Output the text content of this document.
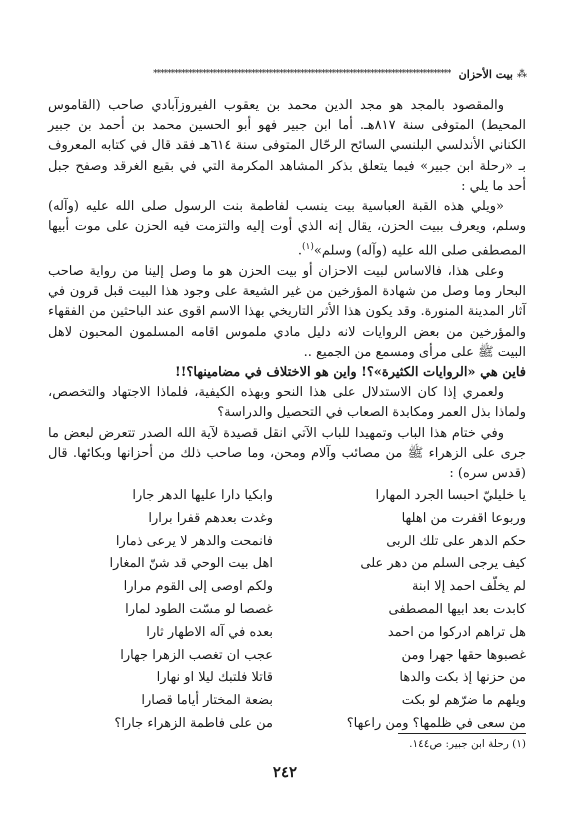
⁂
بيت الأحزان
*************************************************************************************

والمقصود بالمجد هو مجد الدين محمد بن يعقوب الفيروزآبادي صاحب (القاموس المحيط) المتوفى سنة ٨١٧هـ. أما ابن جبير فهو أبو الحسين محمد بن أحمد بن جبير الكناني الأندلسي البلنسي السائح الرحّال المتوفى سنة ٦١٤هـ فقد قال في كتابه المعروف بـ «رحلة ابن جبير» فيما يتعلق بذكر المشاهد المكرمة التي في بقيع الغرقد وصفح جبل أحد ما يلي :

«ويلي هذه القبة العباسية بيت ينسب لفاطمة بنت الرسول صلى الله عليه (وآله) وسلم، ويعرف ببيت الحزن، يقال إنه الذي أوت إليه والتزمت فيه الحزن على موت أبيها المصطفى صلى الله عليه (وآله) وسلم»$^{(١)}$.

وعلى هذا، فالاساس لبيت الاحزان أو بيت الحزن هو ما وصل إلينا من رواية صاحب البحار وما وصل من شهادة المؤرخين من غير الشيعة على وجود هذا البيت قبل قرون في آثار المدينة المنورة. وقد يكون هذا الأثر التاريخي بهذا الاسم اقوى عند الباحثين من الفقهاء والمؤرخين من بعض الروايات لانه دليل مادي ملموس اقامه المسلمون المحبون لاهل البيت ﷺ على مرأى ومسمع من الجميع ..

فاين هي «الروايات الكثيرة»؟! واين هو الاختلاف في مضامينها؟!!

ولعمري إذا كان الاستدلال على هذا النحو وبهذه الكيفية، فلماذا الاجتهاد والتخصص، ولماذا بذل العمر ومكابدة الصعاب في التحصيل والدراسة؟

وفي ختام هذا الباب وتمهيدا للباب الآتي انقل قصيدة لآية الله الصدر تتعرض لبعض ما جرى على الزهراء ﷺ من مصائب وآلام ومحن، وما صاحب ذلك من أحزانها وبكائها. قال (قدس سره) :

يا خليليّ احبسا الجرد المهارا
وابكيا دارا عليها الدهر جارا
وربوعا اقفرت من اهلها
وغدت بعدهم قفرا برارا
حكم الدهر على تلك الربى
فانمحت والدهر لا يرعى ذمارا
كيف يرجى السلم من دهر على
اهل بيت الوحي قد شنّ المغارا
لم يخلّف احمد إلا ابنة
ولكم اوصى إلى القوم مرارا
كابدت بعد ابيها المصطفى
غصصا لو مسّت الطود لمارا
هل تراهم ادركوا من احمد
بعده في آله الاطهار ثارا
غصبوها حقها جهرا ومن
عجب ان تغصب الزهرا جهارا
من حزنها إذ بكت والدها
قاتلا فلتبك ليلا او نهارا
ويلهم ما ضرّهم لو بكت
بضعة المختار أياما قصارا
من سعى في ظلمها؟ ومن راعها؟
من على فاطمة الزهراء جارا؟
(١) رحلة ابن جبير: ص١٤٤.
٢٤٢
